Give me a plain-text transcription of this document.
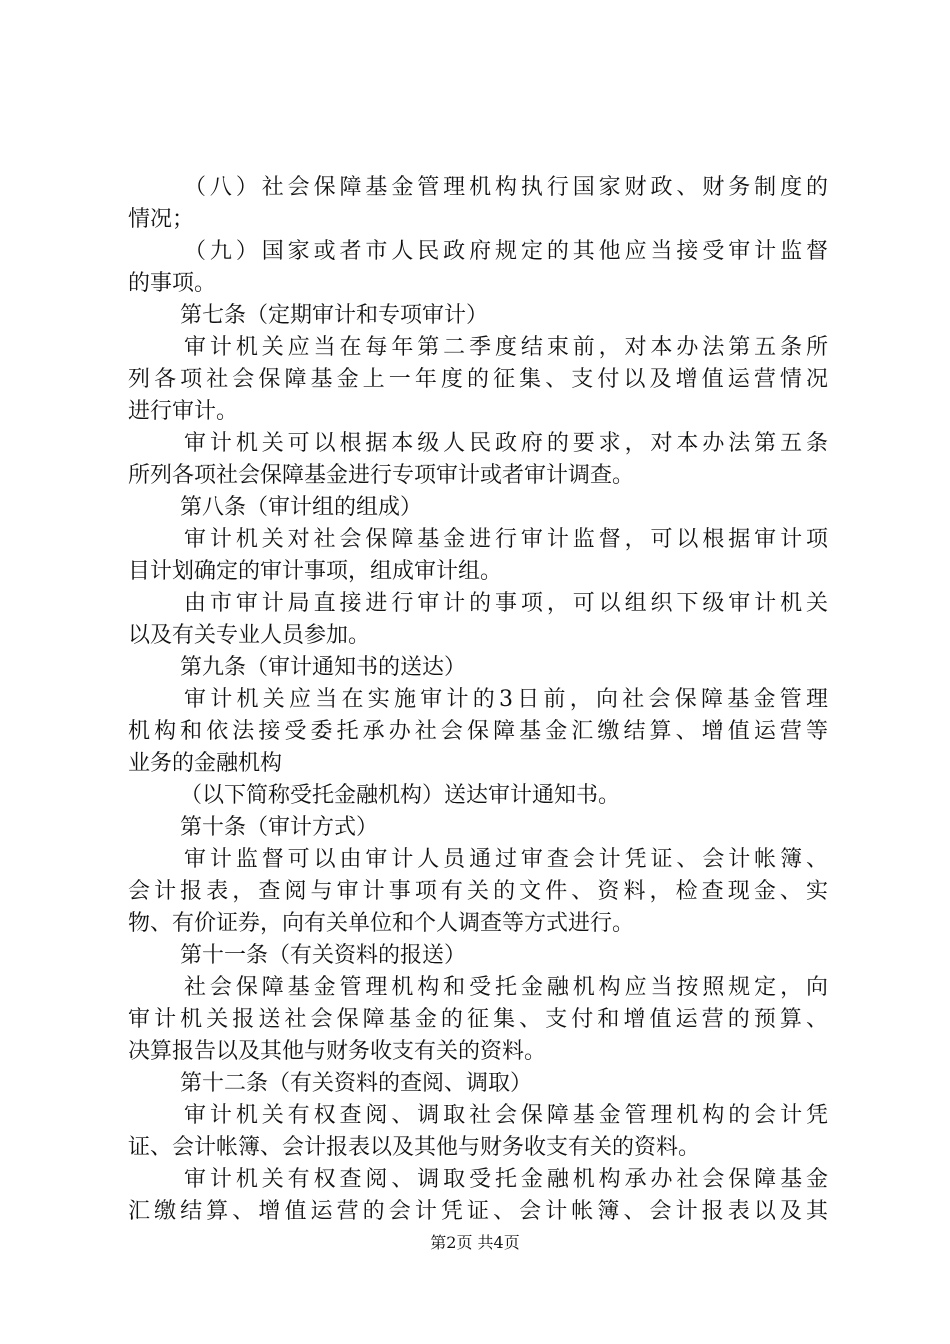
（八）社会保障基金管理机构执行国家财政、财务制度的
情况；
（九）国家或者市人民政府规定的其他应当接受审计监督
的事项。
第七条（定期审计和专项审计）
审计机关应当在每年第二季度结束前，对本办法第五条所
列各项社会保障基金上一年度的征集、支付以及增值运营情况
进行审计。
审计机关可以根据本级人民政府的要求，对本办法第五条
所列各项社会保障基金进行专项审计或者审计调查。
第八条（审计组的组成）
审计机关对社会保障基金进行审计监督，可以根据审计项
目计划确定的审计事项，组成审计组。
由市审计局直接进行审计的事项，可以组织下级审计机关
以及有关专业人员参加。
第九条（审计通知书的送达）
审计机关应当在实施审计的3日前，向社会保障基金管理
机构和依法接受委托承办社会保障基金汇缴结算、增值运营等
业务的金融机构
（以下简称受托金融机构）送达审计通知书。
第十条（审计方式）
审计监督可以由审计人员通过审查会计凭证、会计帐簿、
会计报表，查阅与审计事项有关的文件、资料，检查现金、实
物、有价证券，向有关单位和个人调查等方式进行。
第十一条（有关资料的报送）
社会保障基金管理机构和受托金融机构应当按照规定，向
审计机关报送社会保障基金的征集、支付和增值运营的预算、
决算报告以及其他与财务收支有关的资料。
第十二条（有关资料的查阅、调取）
审计机关有权查阅、调取社会保障基金管理机构的会计凭
证、会计帐簿、会计报表以及其他与财务收支有关的资料。
审计机关有权查阅、调取受托金融机构承办社会保障基金
汇缴结算、增值运营的会计凭证、会计帐簿、会计报表以及其
第2页 共4页
